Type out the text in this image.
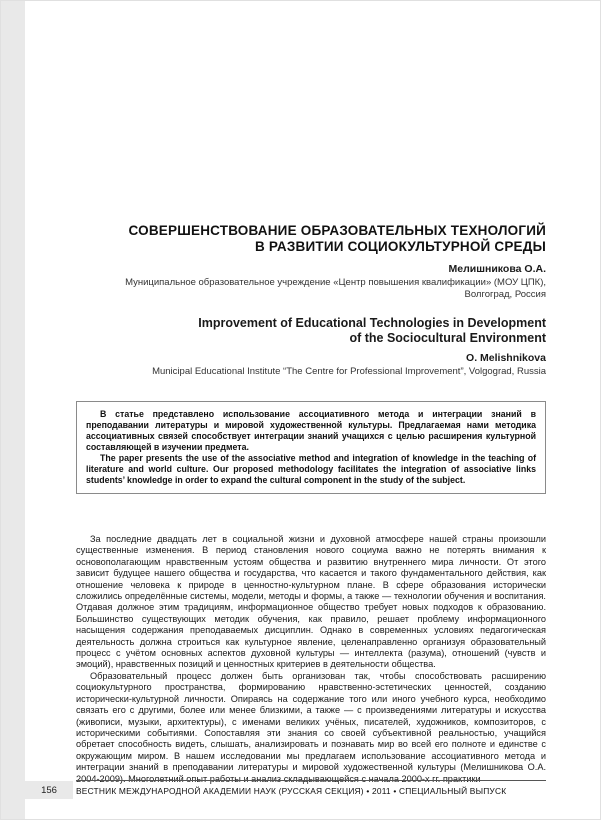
СОВЕРШЕНСТВОВАНИЕ ОБРАЗОВАТЕЛЬНЫХ ТЕХНОЛОГИЙ
В РАЗВИТИИ СОЦИОКУЛЬТУРНОЙ СРЕДЫ
Мелишникова О.А.
Муниципальное образовательное учреждение «Центр повышения квалификации» (МОУ ЦПК),
Волгоград, Россия
Improvement of Educational Technologies in Development
of the Sociocultural Environment
O. Melishnikova
Municipal Educational Institute “The Centre for Professional Improvement”, Volgograd, Russia

В статье представлено использование ассоциативного метода и интеграции знаний в преподавании литературы и мировой художественной культуры. Предлагаемая нами методика ассоциативных связей способствует интеграции знаний учащихся с целью расширения культурной составляющей в изучении предмета.

The paper presents the use of the associative method and integration of knowledge in the teaching of literature and world culture. Our proposed methodology facilitates the integration of associative links students’ knowledge in order to expand the cultural component in the study of the subject.

За последние двадцать лет в социальной жизни и духовной атмосфере нашей страны произошли существенные изменения. В период становления нового социума важно не потерять внимания к основополагающим нравственным устоям общества и развитию внутреннего мира личности. От этого зависит будущее нашего общества и государства, что касается и такого фундаментального действия, как отношение человека к природе в ценностно-культурном плане. В сфере образования исторически сложились определённые системы, модели, методы и формы, а также — технологии обучения и воспитания. Отдавая должное этим традициям, информационное общество требует новых подходов к образованию. Большинство существующих методик обучения, как правило, решает проблему информационного насыщения содержания преподаваемых дисциплин. Однако в современных условиях педагогическая деятельность должна строиться как культурное явление, целенаправленно организуя образовательный процесс с учётом основных аспектов духовной культуры — интеллекта (разума), отношений (чувств и эмоций), нравственных позиций и ценностных критериев в деятельности общества.

Образовательный процесс должен быть организован так, чтобы способствовать расширению социокультурного пространства, формированию нравственно-эстетических ценностей, созданию исторически-культурной личности. Опираясь на содержание того или иного учебного курса, необходимо связать его с другими, более или менее близкими, а также — с произведениями литературы и искусства (живописи, музыки, архитектуры), с именами великих учёных, писателей, художников, композиторов, с историческими событиями. Сопоставляя эти знания со своей субъективной реальностью, учащийся обретает способность видеть, слышать, анализировать и познавать мир во всей его полноте и единстве с окружающим миром. В нашем исследовании мы предлагаем использование ассоциативного метода и интеграции знаний в преподавании литературы и мировой художественной культуры (Мелишникова О.А. 2004-2009). Многолетний опыт работы и анализ складывающейся с начала 2000-х гг. практики

156	ВЕСТНИК МЕЖДУНАРОДНОЙ АКАДЕМИИ НАУК (РУССКАЯ СЕКЦИЯ) • 2011 • СПЕЦИАЛЬНЫЙ ВЫПУСК
